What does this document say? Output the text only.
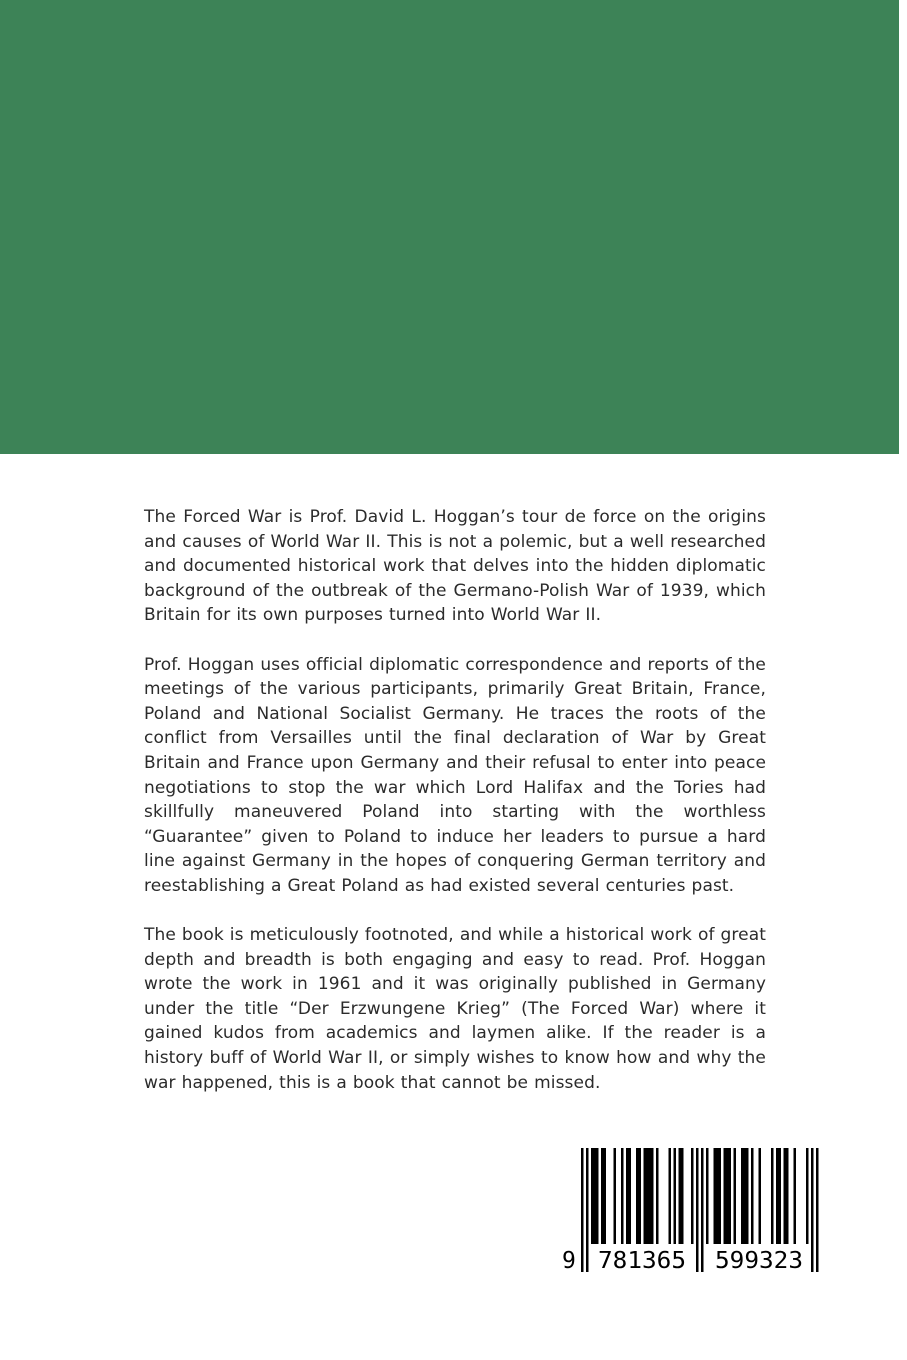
The Forced War is Prof. David L. Hoggan’s tour de force on the origins and causes of World War II. This is not a polemic, but a well researched and documented historical work that delves into the hidden diplomatic background of the outbreak of the Germano-Polish War of 1939, which Britain for its own purposes turned into World War II.

Prof. Hoggan uses official diplomatic correspondence and reports of the meetings of the various participants, primarily Great Britain, France, Poland and National Socialist Germany. He traces the roots of the conflict from Versailles until the final declaration of War by Great Britain and France upon Germany and their refusal to enter into peace negotiations to stop the war which Lord Halifax and the Tories had skillfully maneuvered Poland into starting with the worthless “Guarantee” given to Poland to induce her leaders to pursue a hard line against Germany in the hopes of conquering German territory and reestablishing a Great Poland as had existed several centuries past.

The book is meticulously footnoted, and while a historical work of great depth and breadth is both engaging and easy to read. Prof. Hoggan wrote the work in 1961 and it was originally published in Germany under the title “Der Erzwungene Krieg” (The Forced War) where it gained kudos from academics and laymen alike. If the reader is a history buff of World War II, or simply wishes to know how and why the war happened, this is a book that cannot be missed.

9 781365 599323
